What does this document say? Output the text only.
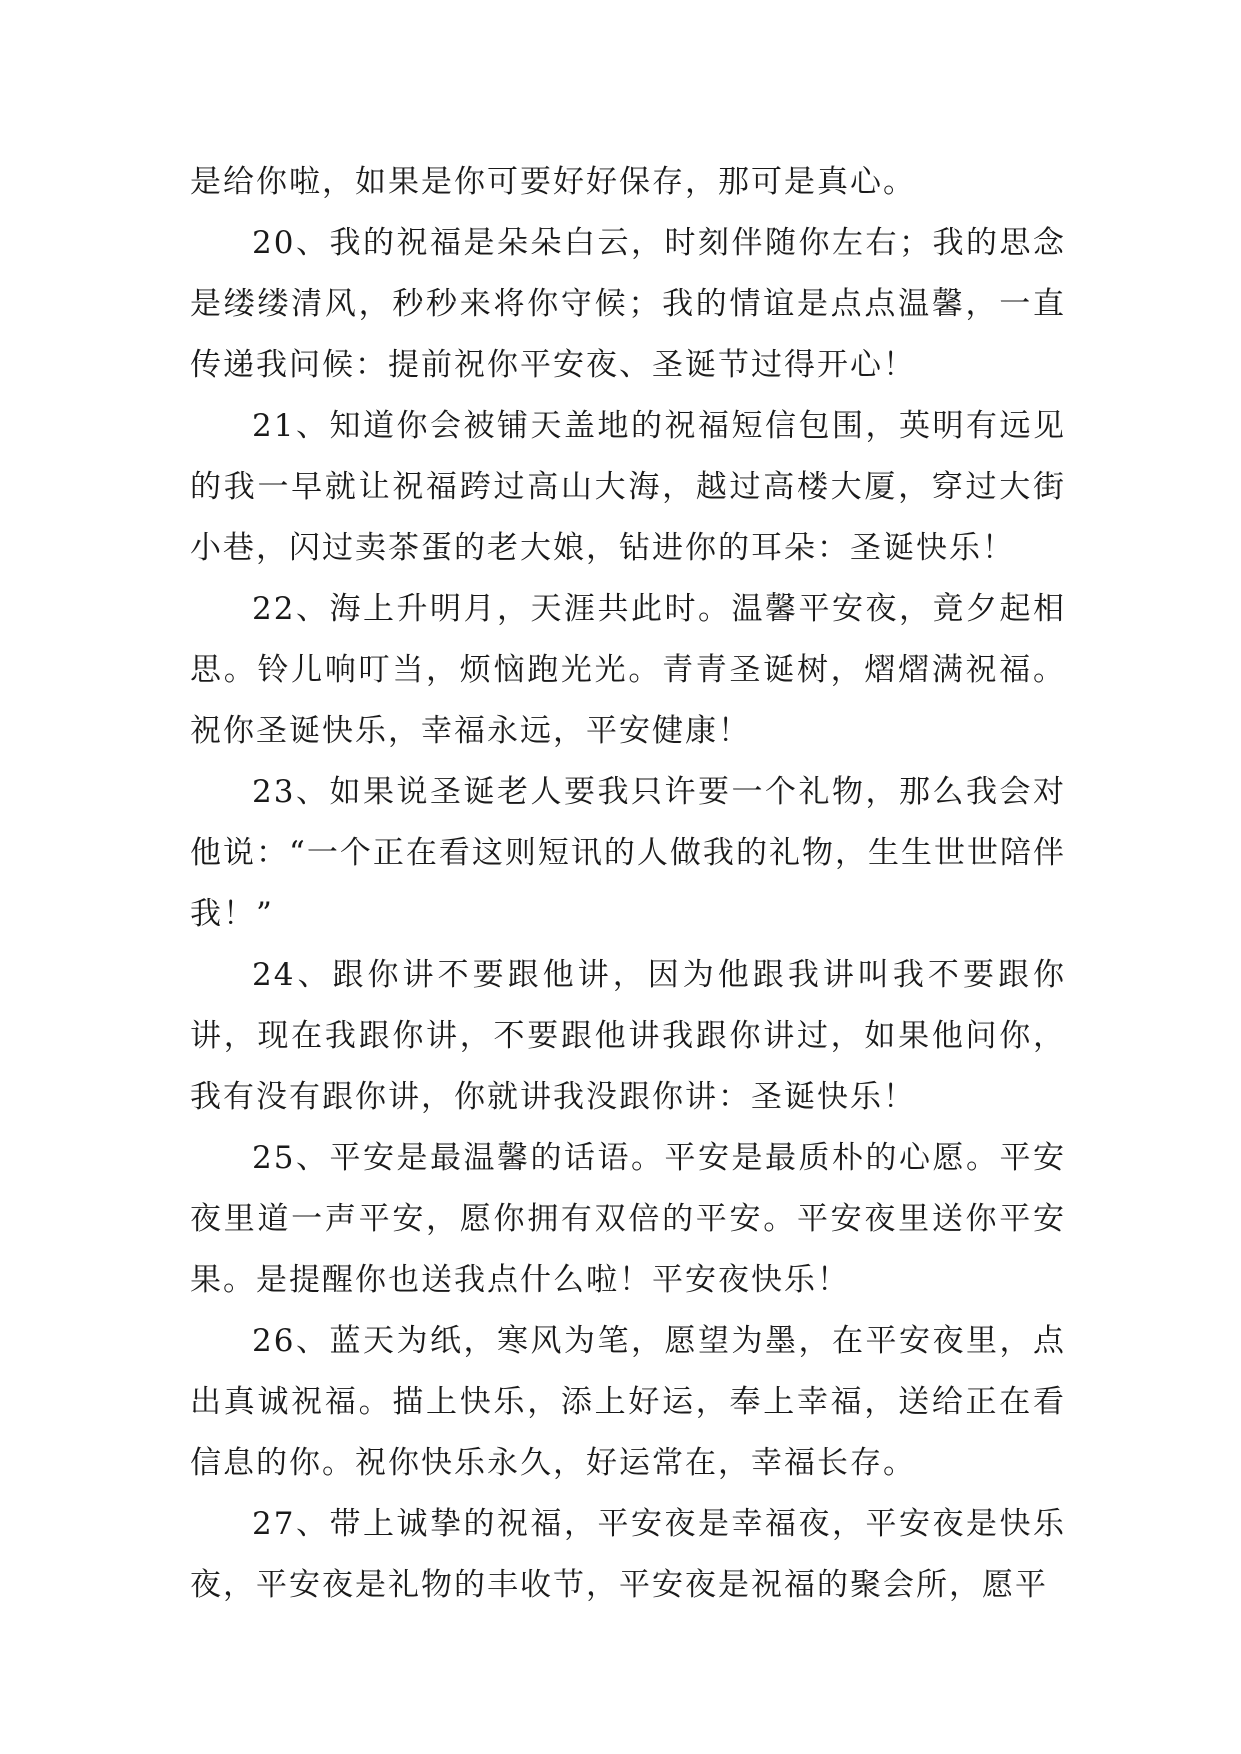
是给你啦，如果是你可要好好保存，那可是真心。

20、我的祝福是朵朵白云，时刻伴随你左右；我的思念是缕缕清风，秒秒来将你守候；我的情谊是点点温馨，一直传递我问候：提前祝你平安夜、圣诞节过得开心！

21、知道你会被铺天盖地的祝福短信包围，英明有远见的我一早就让祝福跨过高山大海，越过高楼大厦，穿过大街小巷，闪过卖茶蛋的老大娘，钻进你的耳朵：圣诞快乐！

22、海上升明月，天涯共此时。温馨平安夜，竟夕起相思。铃儿响叮当，烦恼跑光光。青青圣诞树，熠熠满祝福。祝你圣诞快乐，幸福永远，平安健康！

23、如果说圣诞老人要我只许要一个礼物，那么我会对他说：“一个正在看这则短讯的人做我的礼物，生生世世陪伴我！”

24、跟你讲不要跟他讲，因为他跟我讲叫我不要跟你讲，现在我跟你讲，不要跟他讲我跟你讲过，如果他问你，我有没有跟你讲，你就讲我没跟你讲：圣诞快乐！

25、平安是最温馨的话语。平安是最质朴的心愿。平安夜里道一声平安，愿你拥有双倍的平安。平安夜里送你平安果。是提醒你也送我点什么啦！平安夜快乐！

26、蓝天为纸，寒风为笔，愿望为墨，在平安夜里，点出真诚祝福。描上快乐，添上好运，奉上幸福，送给正在看信息的你。祝你快乐永久，好运常在，幸福长存。

27、带上诚挚的祝福，平安夜是幸福夜，平安夜是快乐夜，平安夜是礼物的丰收节，平安夜是祝福的聚会所，愿平
